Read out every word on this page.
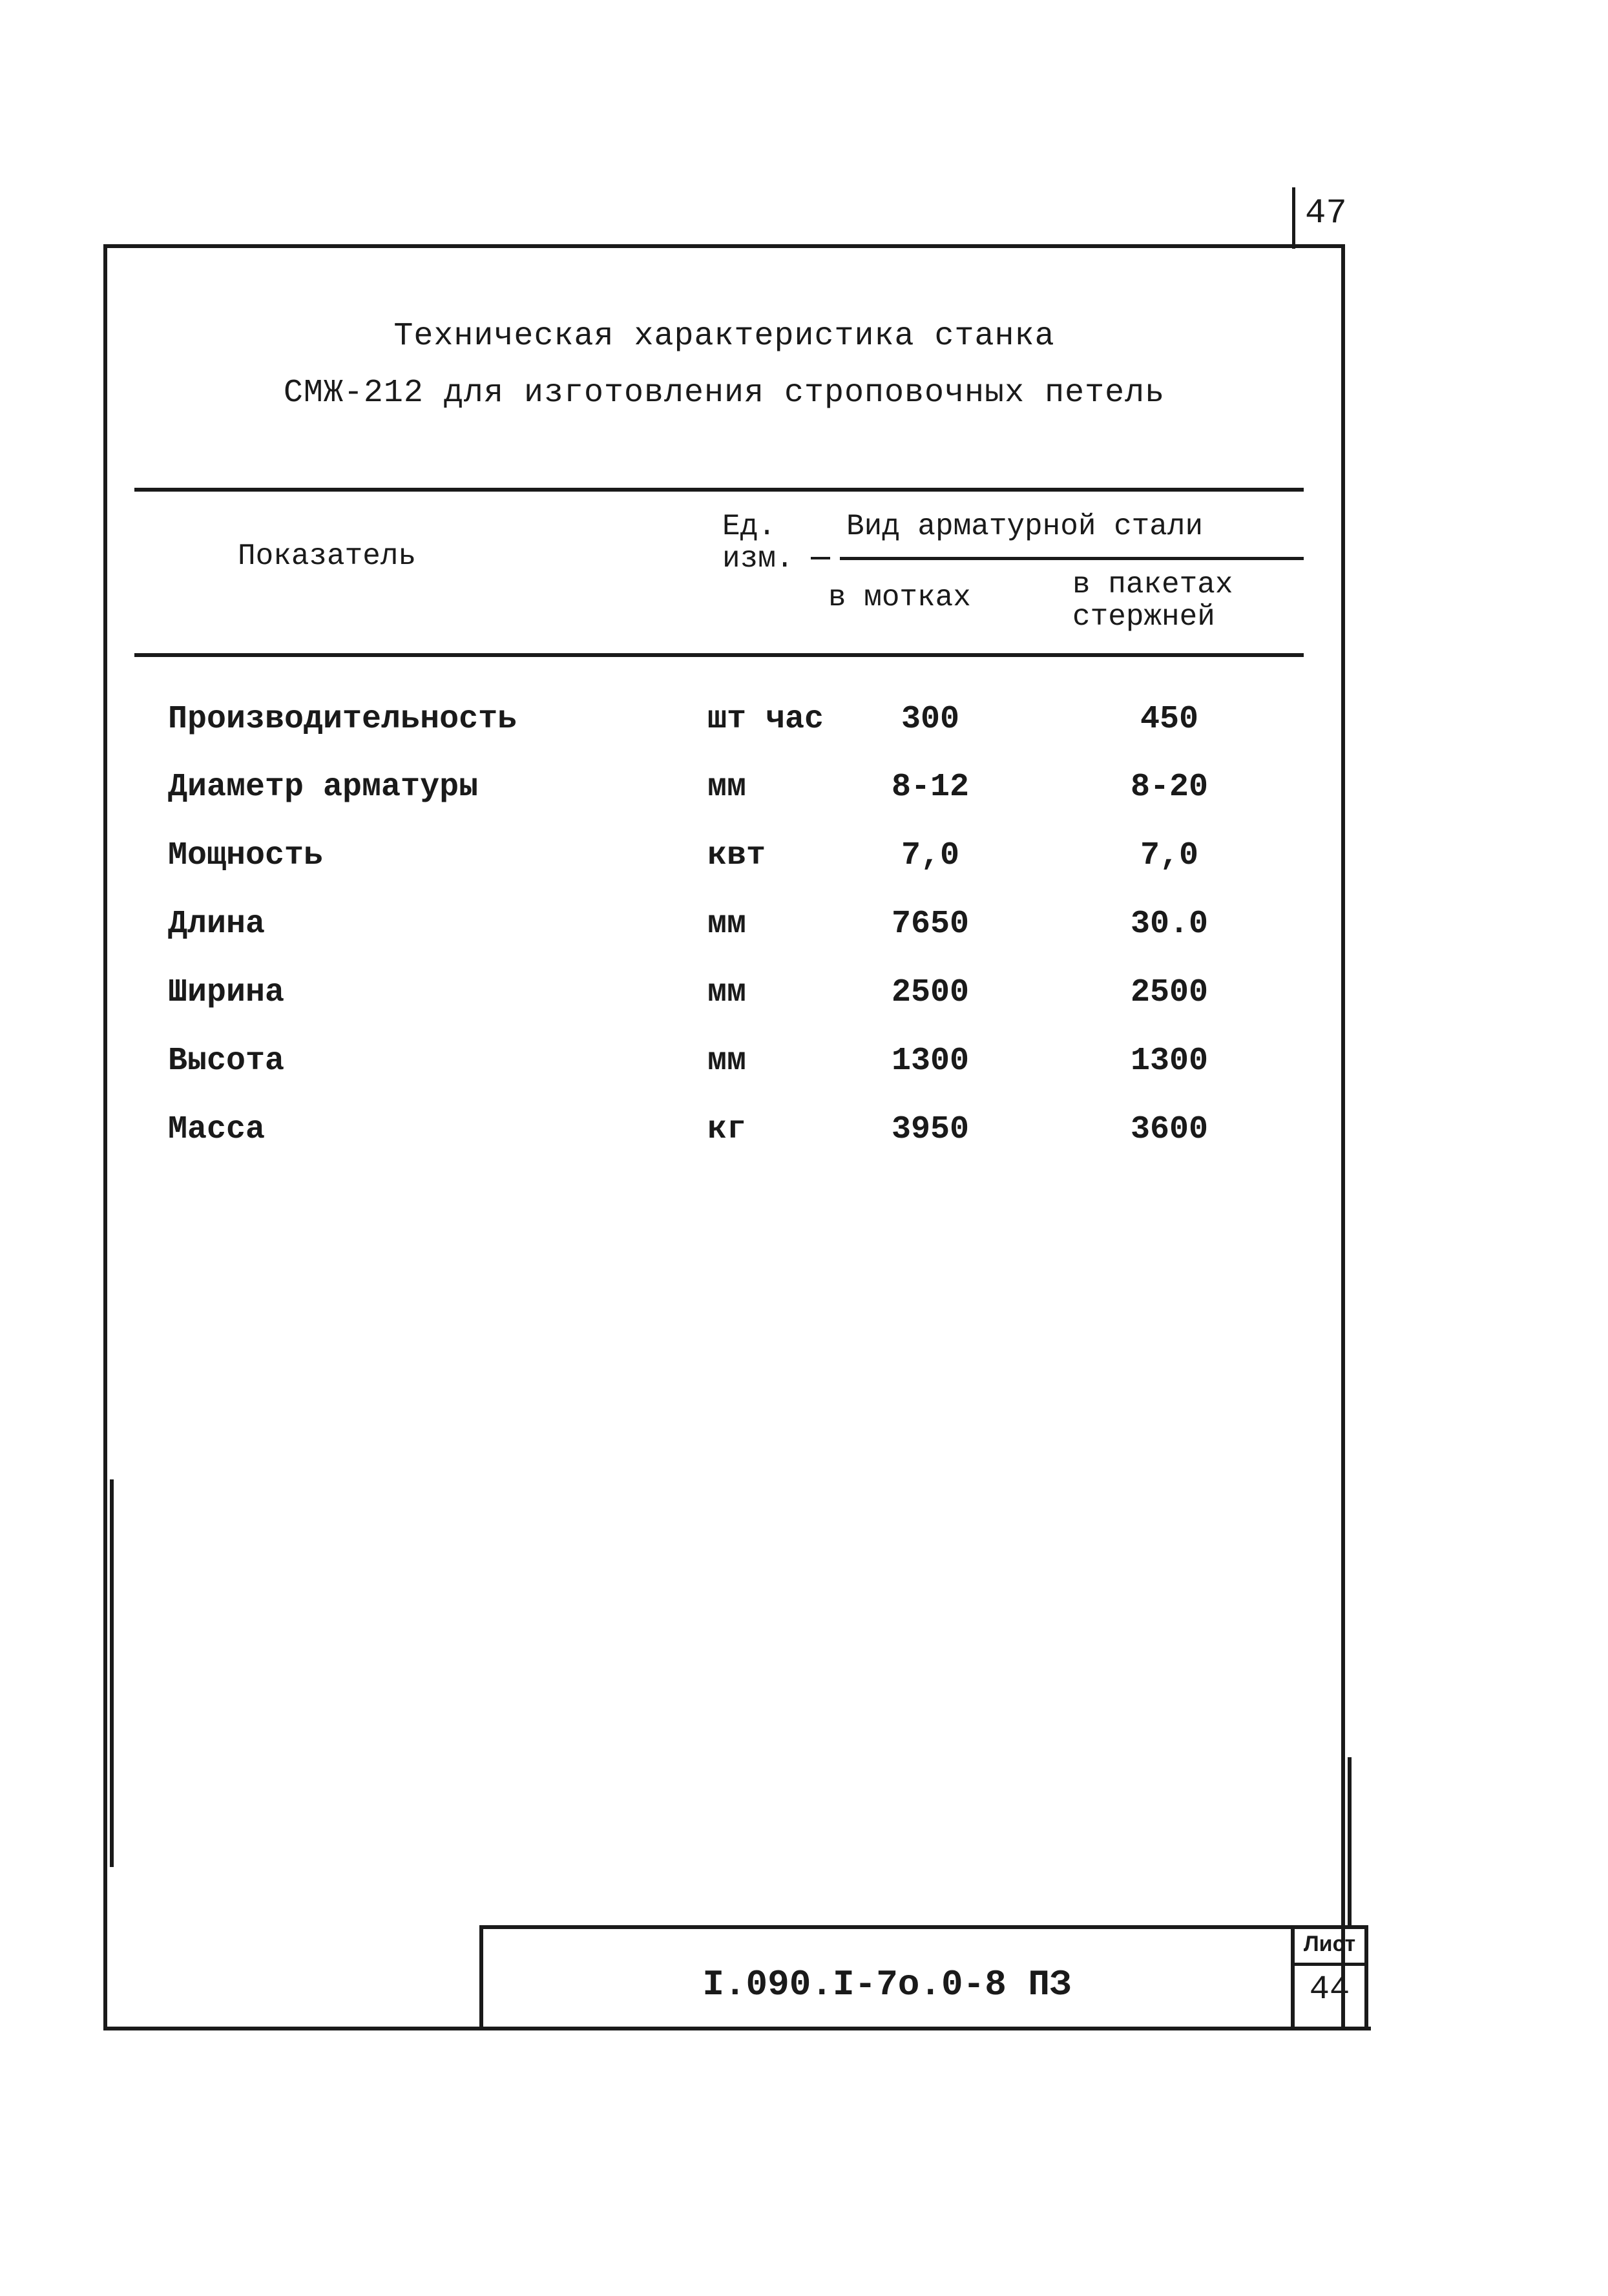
47
Техническая характеристика станка
СМЖ-212 для изготовления строповочных петель
Показатель
Ед.
изм.
Вид арматурной стали
в мотках	в пакетах
стержней
Производительность	шт час	300	450
Диаметр арматуры	мм	8-12	8-20
Мощность	квт	7,0	7,0
Длина	мм	7650	30.0
Ширина	мм	2500	2500
Высота	мм	1300	1300
Масса	кг	3950	3600
I.090.I-7o.0-8 ПЗ
Лист
44
